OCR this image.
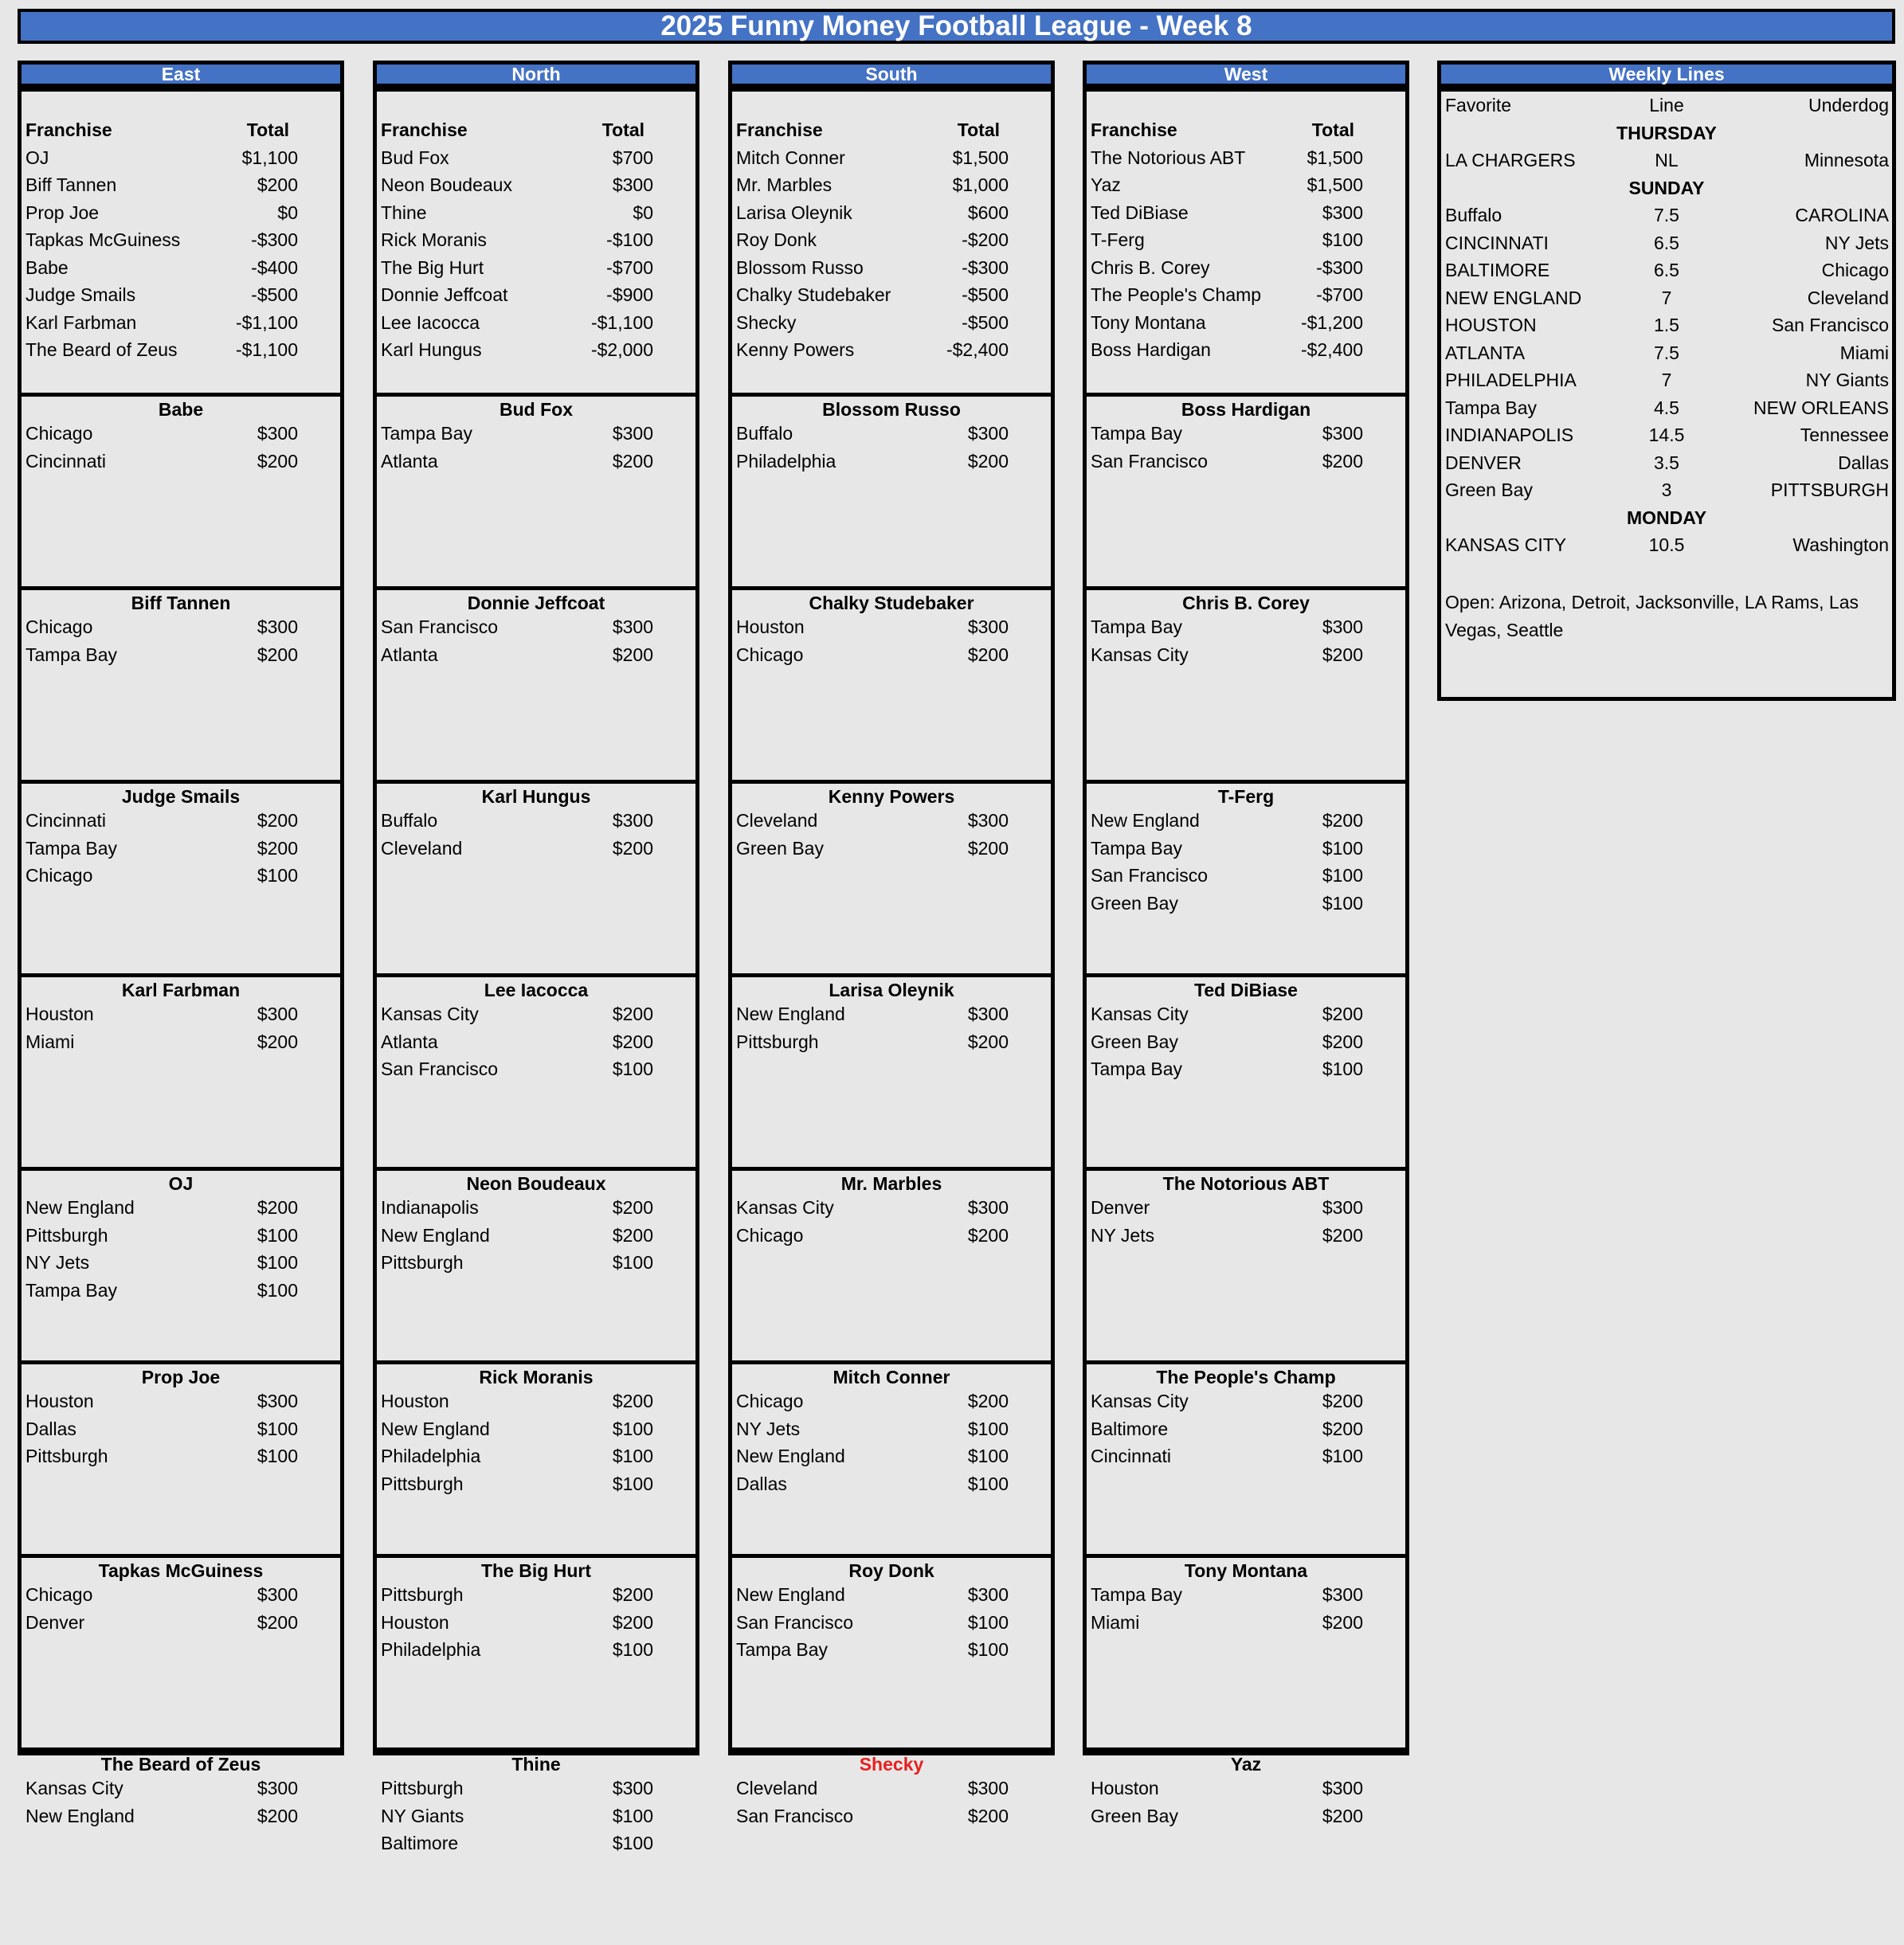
2025 Funny Money Football League - Week 8
Weekly Lines
Favorite	Line	Underdog
THURSDAY
LA CHARGERS	NL	Minnesota
SUNDAY
Buffalo	7.5	CAROLINA
CINCINNATI	6.5	NY Jets
BALTIMORE	6.5	Chicago
NEW ENGLAND	7	Cleveland
HOUSTON	1.5	San Francisco
ATLANTA	7.5	Miami
PHILADELPHIA	7	NY Giants
Tampa Bay	4.5	NEW ORLEANS
INDIANAPOLIS	14.5	Tennessee
DENVER	3.5	Dallas
Green Bay	3	PITTSBURGH
MONDAY
KANSAS CITY	10.5	Washington
Open: Arizona, Detroit, Jacksonville, LA Rams, Las Vegas, Seattle
East
Franchise	Total
OJ	$1,100
Biff Tannen	$200
Prop Joe	$0
Tapkas McGuiness	-$300
Babe	-$400
Judge Smails	-$500
Karl Farbman	-$1,100
The Beard of Zeus	-$1,100
Babe
Chicago	$300
Cincinnati	$200
Biff Tannen
Chicago	$300
Tampa Bay	$200
Judge Smails
Cincinnati	$200
Tampa Bay	$200
Chicago	$100
Karl Farbman
Houston	$300
Miami	$200
OJ
New England	$200
Pittsburgh	$100
NY Jets	$100
Tampa Bay	$100
Prop Joe
Houston	$300
Dallas	$100
Pittsburgh	$100
Tapkas McGuiness
Chicago	$300
Denver	$200
The Beard of Zeus
Kansas City	$300
New England	$200
North
Franchise	Total
Bud Fox	$700
Neon Boudeaux	$300
Thine	$0
Rick Moranis	-$100
The Big Hurt	-$700
Donnie Jeffcoat	-$900
Lee Iacocca	-$1,100
Karl Hungus	-$2,000
Bud Fox
Tampa Bay	$300
Atlanta	$200
Donnie Jeffcoat
San Francisco	$300
Atlanta	$200
Karl Hungus
Buffalo	$300
Cleveland	$200
Lee Iacocca
Kansas City	$200
Atlanta	$200
San Francisco	$100
Neon Boudeaux
Indianapolis	$200
New England	$200
Pittsburgh	$100
Rick Moranis
Houston	$200
New England	$100
Philadelphia	$100
Pittsburgh	$100
The Big Hurt
Pittsburgh	$200
Houston	$200
Philadelphia	$100
Thine
Pittsburgh	$300
NY Giants	$100
Baltimore	$100
South
Franchise	Total
Mitch Conner	$1,500
Mr. Marbles	$1,000
Larisa Oleynik	$600
Roy Donk	-$200
Blossom Russo	-$300
Chalky Studebaker	-$500
Shecky	-$500
Kenny Powers	-$2,400
Blossom Russo
Buffalo	$300
Philadelphia	$200
Chalky Studebaker
Houston	$300
Chicago	$200
Kenny Powers
Cleveland	$300
Green Bay	$200
Larisa Oleynik
New England	$300
Pittsburgh	$200
Mr. Marbles
Kansas City	$300
Chicago	$200
Mitch Conner
Chicago	$200
NY Jets	$100
New England	$100
Dallas	$100
Roy Donk
New England	$300
San Francisco	$100
Tampa Bay	$100
Shecky
Cleveland	$300
San Francisco	$200
West
Franchise	Total
The Notorious ABT	$1,500
Yaz	$1,500
Ted DiBiase	$300
T-Ferg	$100
Chris B. Corey	-$300
The People's Champ	-$700
Tony Montana	-$1,200
Boss Hardigan	-$2,400
Boss Hardigan
Tampa Bay	$300
San Francisco	$200
Chris B. Corey
Tampa Bay	$300
Kansas City	$200
T-Ferg
New England	$200
Tampa Bay	$100
San Francisco	$100
Green Bay	$100
Ted DiBiase
Kansas City	$200
Green Bay	$200
Tampa Bay	$100
The Notorious ABT
Denver	$300
NY Jets	$200
The People's Champ
Kansas City	$200
Baltimore	$200
Cincinnati	$100
Tony Montana
Tampa Bay	$300
Miami	$200
Yaz
Houston	$300
Green Bay	$200
